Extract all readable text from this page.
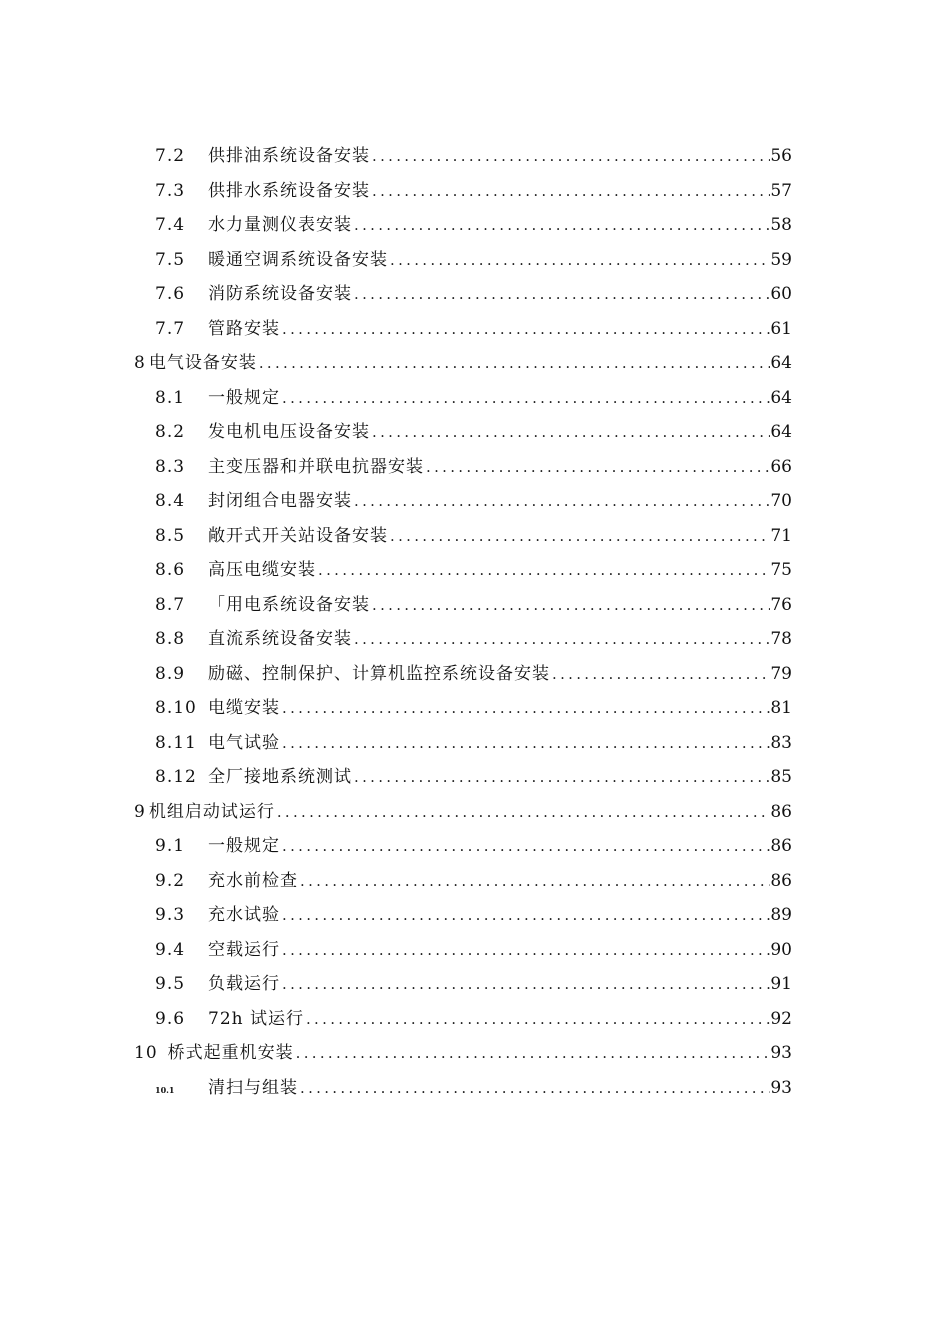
7.2	供排油系统设备安装 .....	56
7.3	供排水系统设备安装 .....	57
7.4	水力量测仪表安装 .....	58
7.5	暖通空调系统设备安装 .....	59
7.6	消防系统设备安装 .....	60
7.7	管路安装 .....	61
8 电气设备安装 .....	64
8.1	一般规定 .....	64
8.2	发电机电压设备安装 .....	64
8.3	主变压器和并联电抗器安装 .....	66
8.4	封闭组合电器安装 .....	70
8.5	敞开式开关站设备安装 .....	71
8.6	高压电缆安装 .....	75
8.7	「用电系统设备安装 .....	76
8.8	直流系统设备安装 .....	78
8.9	励磁、控制保护、计算机监控系统设备安装 .....	79
8.10 电缆安装 .....	81
8.11 电气试验 .....	83
8.12 全厂接地系统测试 .....	85
9 机组启动试运行 .....	86
9.1	一般规定 .....	86
9.2	充水前检查 .....	86
9.3	充水试验 .....	89
9.4	空载运行 .....	90
9.5	负载运行 .....	91
9.6	72h 试运行 .....	92
10 桥式起重机安装 .....	93
10.1	清扫与组装 .....	93
